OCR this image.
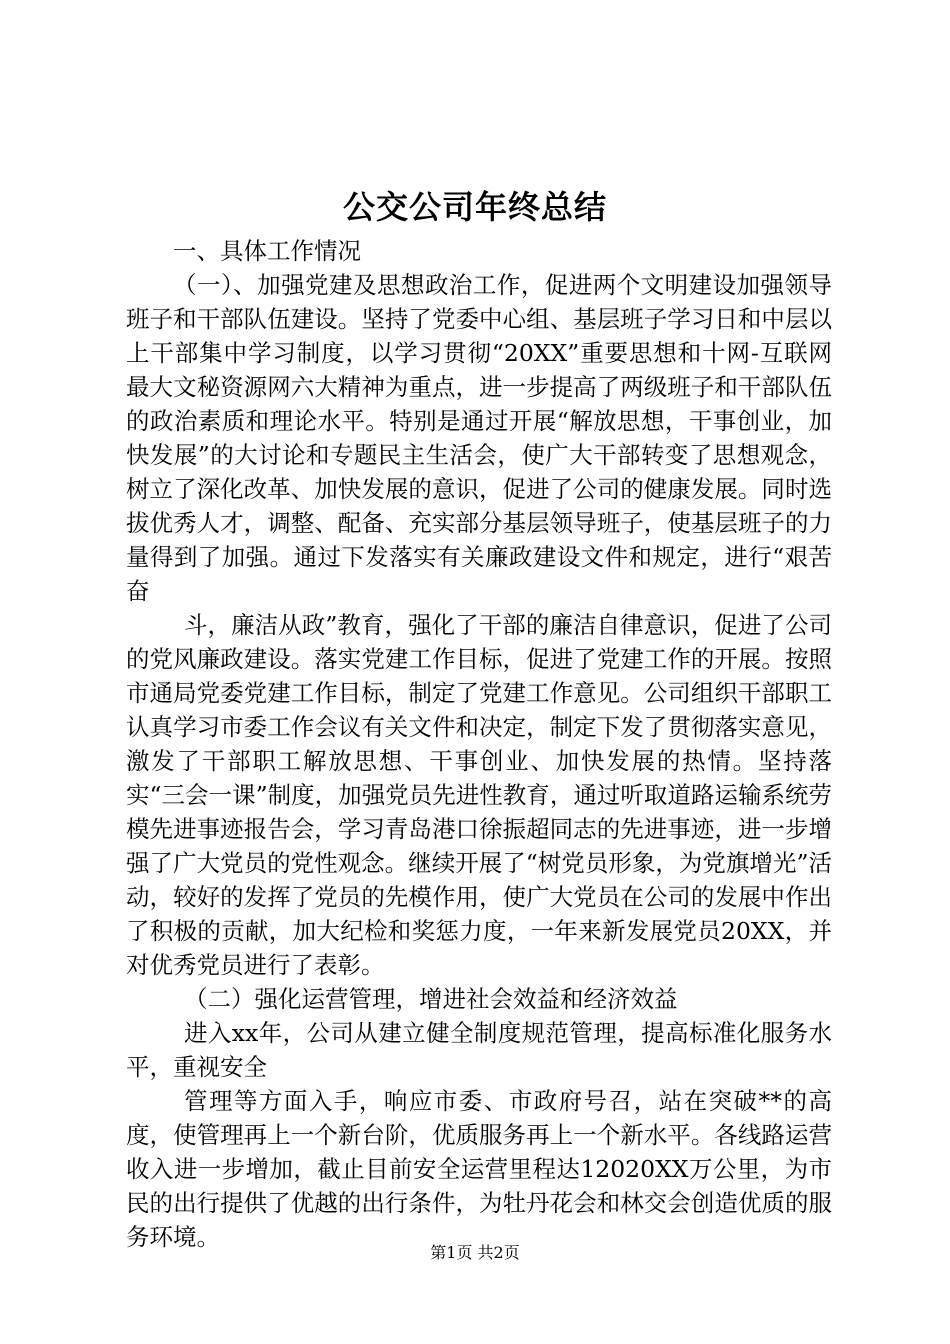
公交公司年终总结

一、具体工作情况

（一）、加强党建及思想政治工作，促进两个文明建设加强领导班子和干部队伍建设。坚持了党委中心组、基层班子学习日和中层以上干部集中学习制度，以学习贯彻“20XX”重要思想和十网-互联网最大文秘资源网六大精神为重点，进一步提高了两级班子和干部队伍的政治素质和理论水平。特别是通过开展“解放思想，干事创业，加快发展”的大讨论和专题民主生活会，使广大干部转变了思想观念，树立了深化改革、加快发展的意识，促进了公司的健康发展。同时选拔优秀人才，调整、配备、充实部分基层领导班子，使基层班子的力量得到了加强。通过下发落实有关廉政建设文件和规定，进行“艰苦奋

斗，廉洁从政”教育，强化了干部的廉洁自律意识，促进了公司的党风廉政建设。落实党建工作目标，促进了党建工作的开展。按照市通局党委党建工作目标，制定了党建工作意见。公司组织干部职工认真学习市委工作会议有关文件和决定，制定下发了贯彻落实意见，激发了干部职工解放思想、干事创业、加快发展的热情。坚持落实“三会一课”制度，加强党员先进性教育，通过听取道路运输系统劳模先进事迹报告会，学习青岛港口徐振超同志的先进事迹，进一步增强了广大党员的党性观念。继续开展了“树党员形象，为党旗增光”活动，较好的发挥了党员的先模作用，使广大党员在公司的发展中作出了积极的贡献，加大纪检和奖惩力度，一年来新发展党员20XX，并对优秀党员进行了表彰。

（二）强化运营管理，增进社会效益和经济效益

进入xx年，公司从建立健全制度规范管理，提高标准化服务水平，重视安全

管理等方面入手，响应市委、市政府号召，站在突破**的高度，使管理再上一个新台阶，优质服务再上一个新水平。各线路运营收入进一步增加，截止目前安全运营里程达12020XX万公里，为市民的出行提供了优越的出行条件，为牡丹花会和林交会创造优质的服务环境。

第1页 共2页
